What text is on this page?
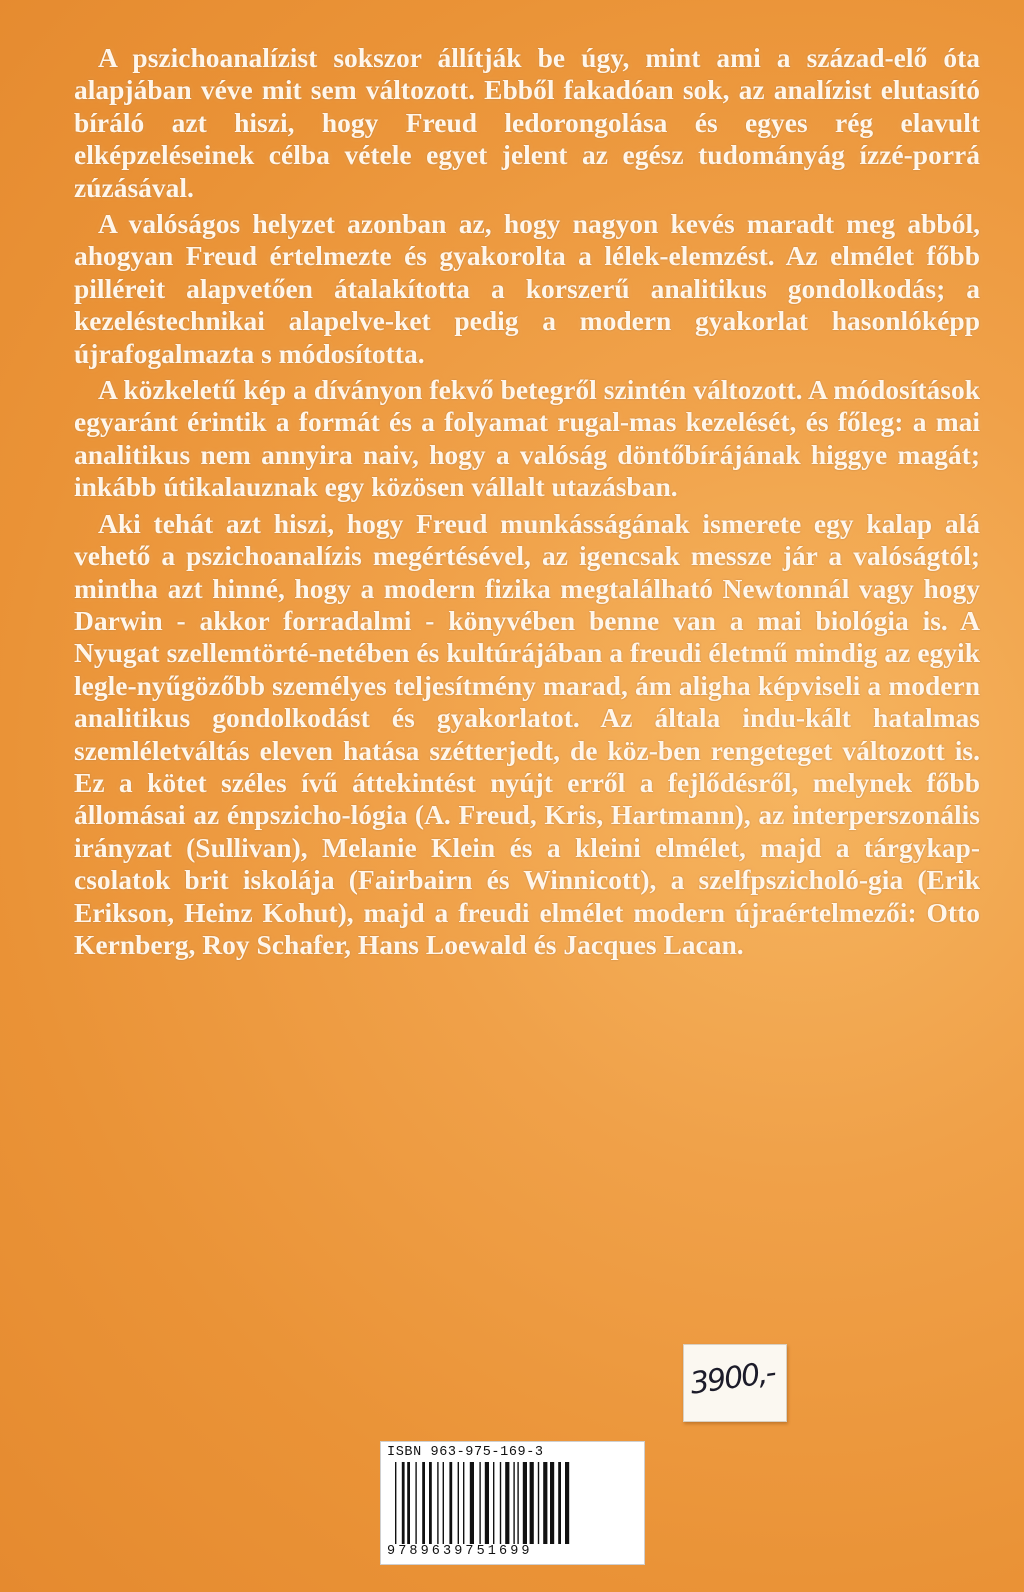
A pszichoanalízist sokszor állítják be úgy, mint ami a század-elő óta alapjában véve mit sem változott. Ebből fakadóan sok, az analízist elutasító bíráló azt hiszi, hogy Freud ledorongolása és egyes rég elavult elképzeléseinek célba vétele egyet jelent az egész tudományág ízzé-porrá zúzásával.

A valóságos helyzet azonban az, hogy nagyon kevés maradt meg abból, ahogyan Freud értelmezte és gyakorolta a lélek-elemzést. Az elmélet főbb pilléreit alapvetően átalakította a korszerű analitikus gondolkodás; a kezeléstechnikai alapelve-ket pedig a modern gyakorlat hasonlóképp újrafogalmazta s módosította.

A közkeletű kép a díványon fekvő betegről szintén változott. A módosítások egyaránt érintik a formát és a folyamat rugal-mas kezelését, és főleg: a mai analitikus nem annyira naiv, hogy a valóság döntőbírájának higgye magát; inkább útikalauznak egy közösen vállalt utazásban.

Aki tehát azt hiszi, hogy Freud munkásságának ismerete egy kalap alá vehető a pszichoanalízis megértésével, az igencsak messze jár a valóságtól; mintha azt hinné, hogy a modern fizika megtalálható Newtonnál vagy hogy Darwin - akkor forradalmi - könyvében benne van a mai biológia is. A Nyugat szellemtörté-netében és kultúrájában a freudi életmű mindig az egyik legle-nyűgözőbb személyes teljesítmény marad, ám aligha képviseli a modern analitikus gondolkodást és gyakorlatot. Az általa indu-kált hatalmas szemléletváltás eleven hatása szétterjedt, de köz-ben rengeteget változott is. Ez a kötet széles ívű áttekintést nyújt erről a fejlődésről, melynek főbb állomásai az énpszicho-lógia (A. Freud, Kris, Hartmann), az interperszonális irányzat (Sullivan), Melanie Klein és a kleini elmélet, majd a tárgykap-csolatok brit iskolája (Fairbairn és Winnicott), a szelfpszicholó-gia (Erik Erikson, Heinz Kohut), majd a freudi elmélet modern újraértelmezői: Otto Kernberg, Roy Schafer, Hans Loewald és Jacques Lacan.

3900,-
ISBN 963-975-169-3
9789639751699
